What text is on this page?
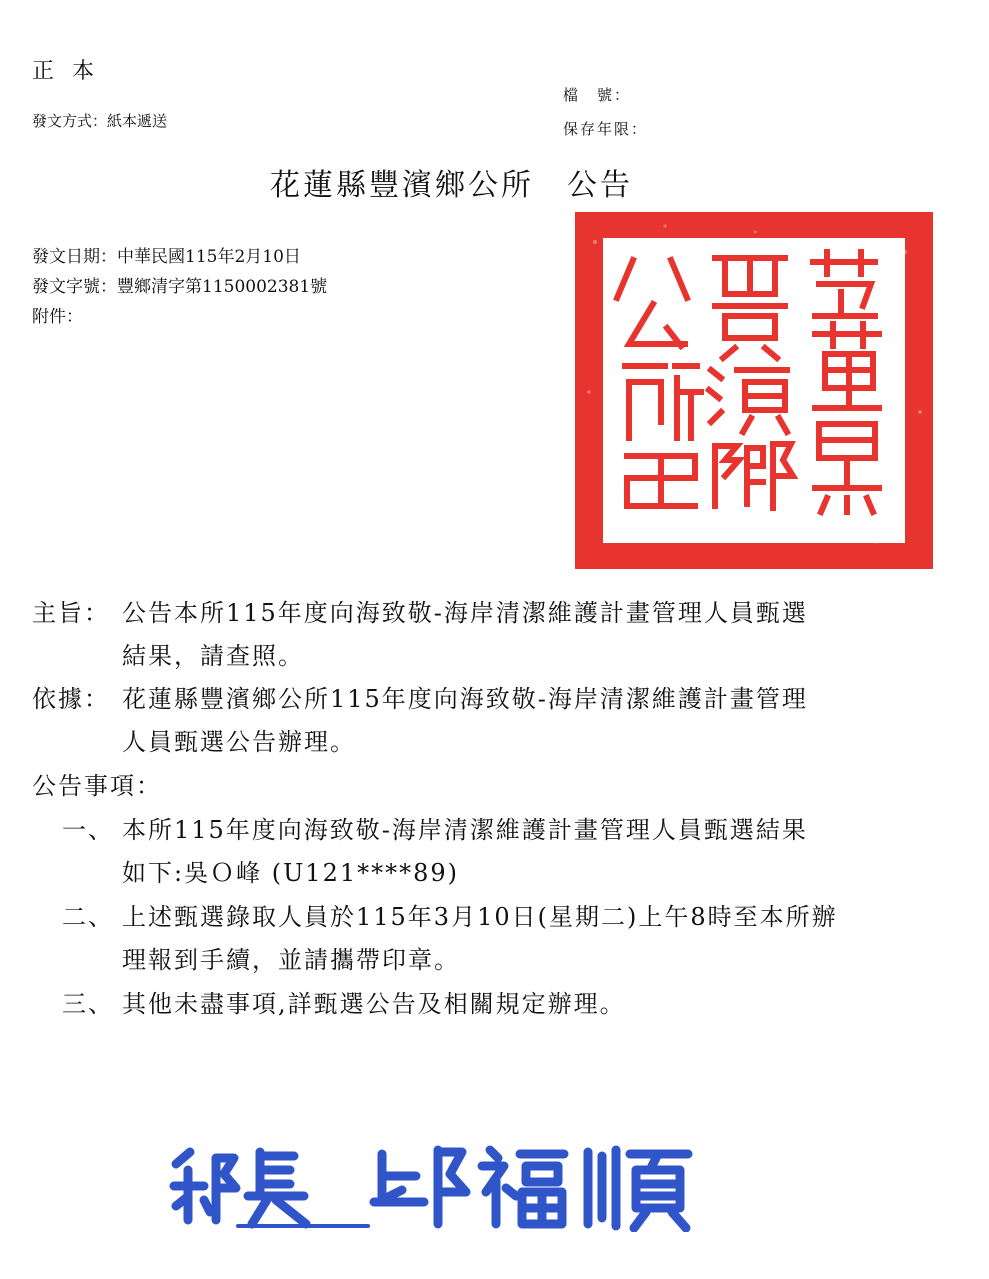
正本
發文方式：紙本遞送
檔　號：
保存年限：
花蓮縣豐濱鄉公所　公告
發文日期：中華民國115年2月10日
發文字號：豐鄉清字第1150002381號
附件：
主旨： 公告本所115年度向海致敬-海岸清潔維護計畫管理人員甄選
結果，請查照。
依據： 花蓮縣豐濱鄉公所115年度向海致敬-海岸清潔維護計畫管理
人員甄選公告辦理。
公告事項：
一、 本所115年度向海致敬-海岸清潔維護計畫管理人員甄選結果
如下:吳Ｏ峰 (U121****89)
二、 上述甄選錄取人員於115年3月10日(星期二)上午8時至本所辦
理報到手續，並請攜帶印章。
三、 其他未盡事項,詳甄選公告及相關規定辦理。
